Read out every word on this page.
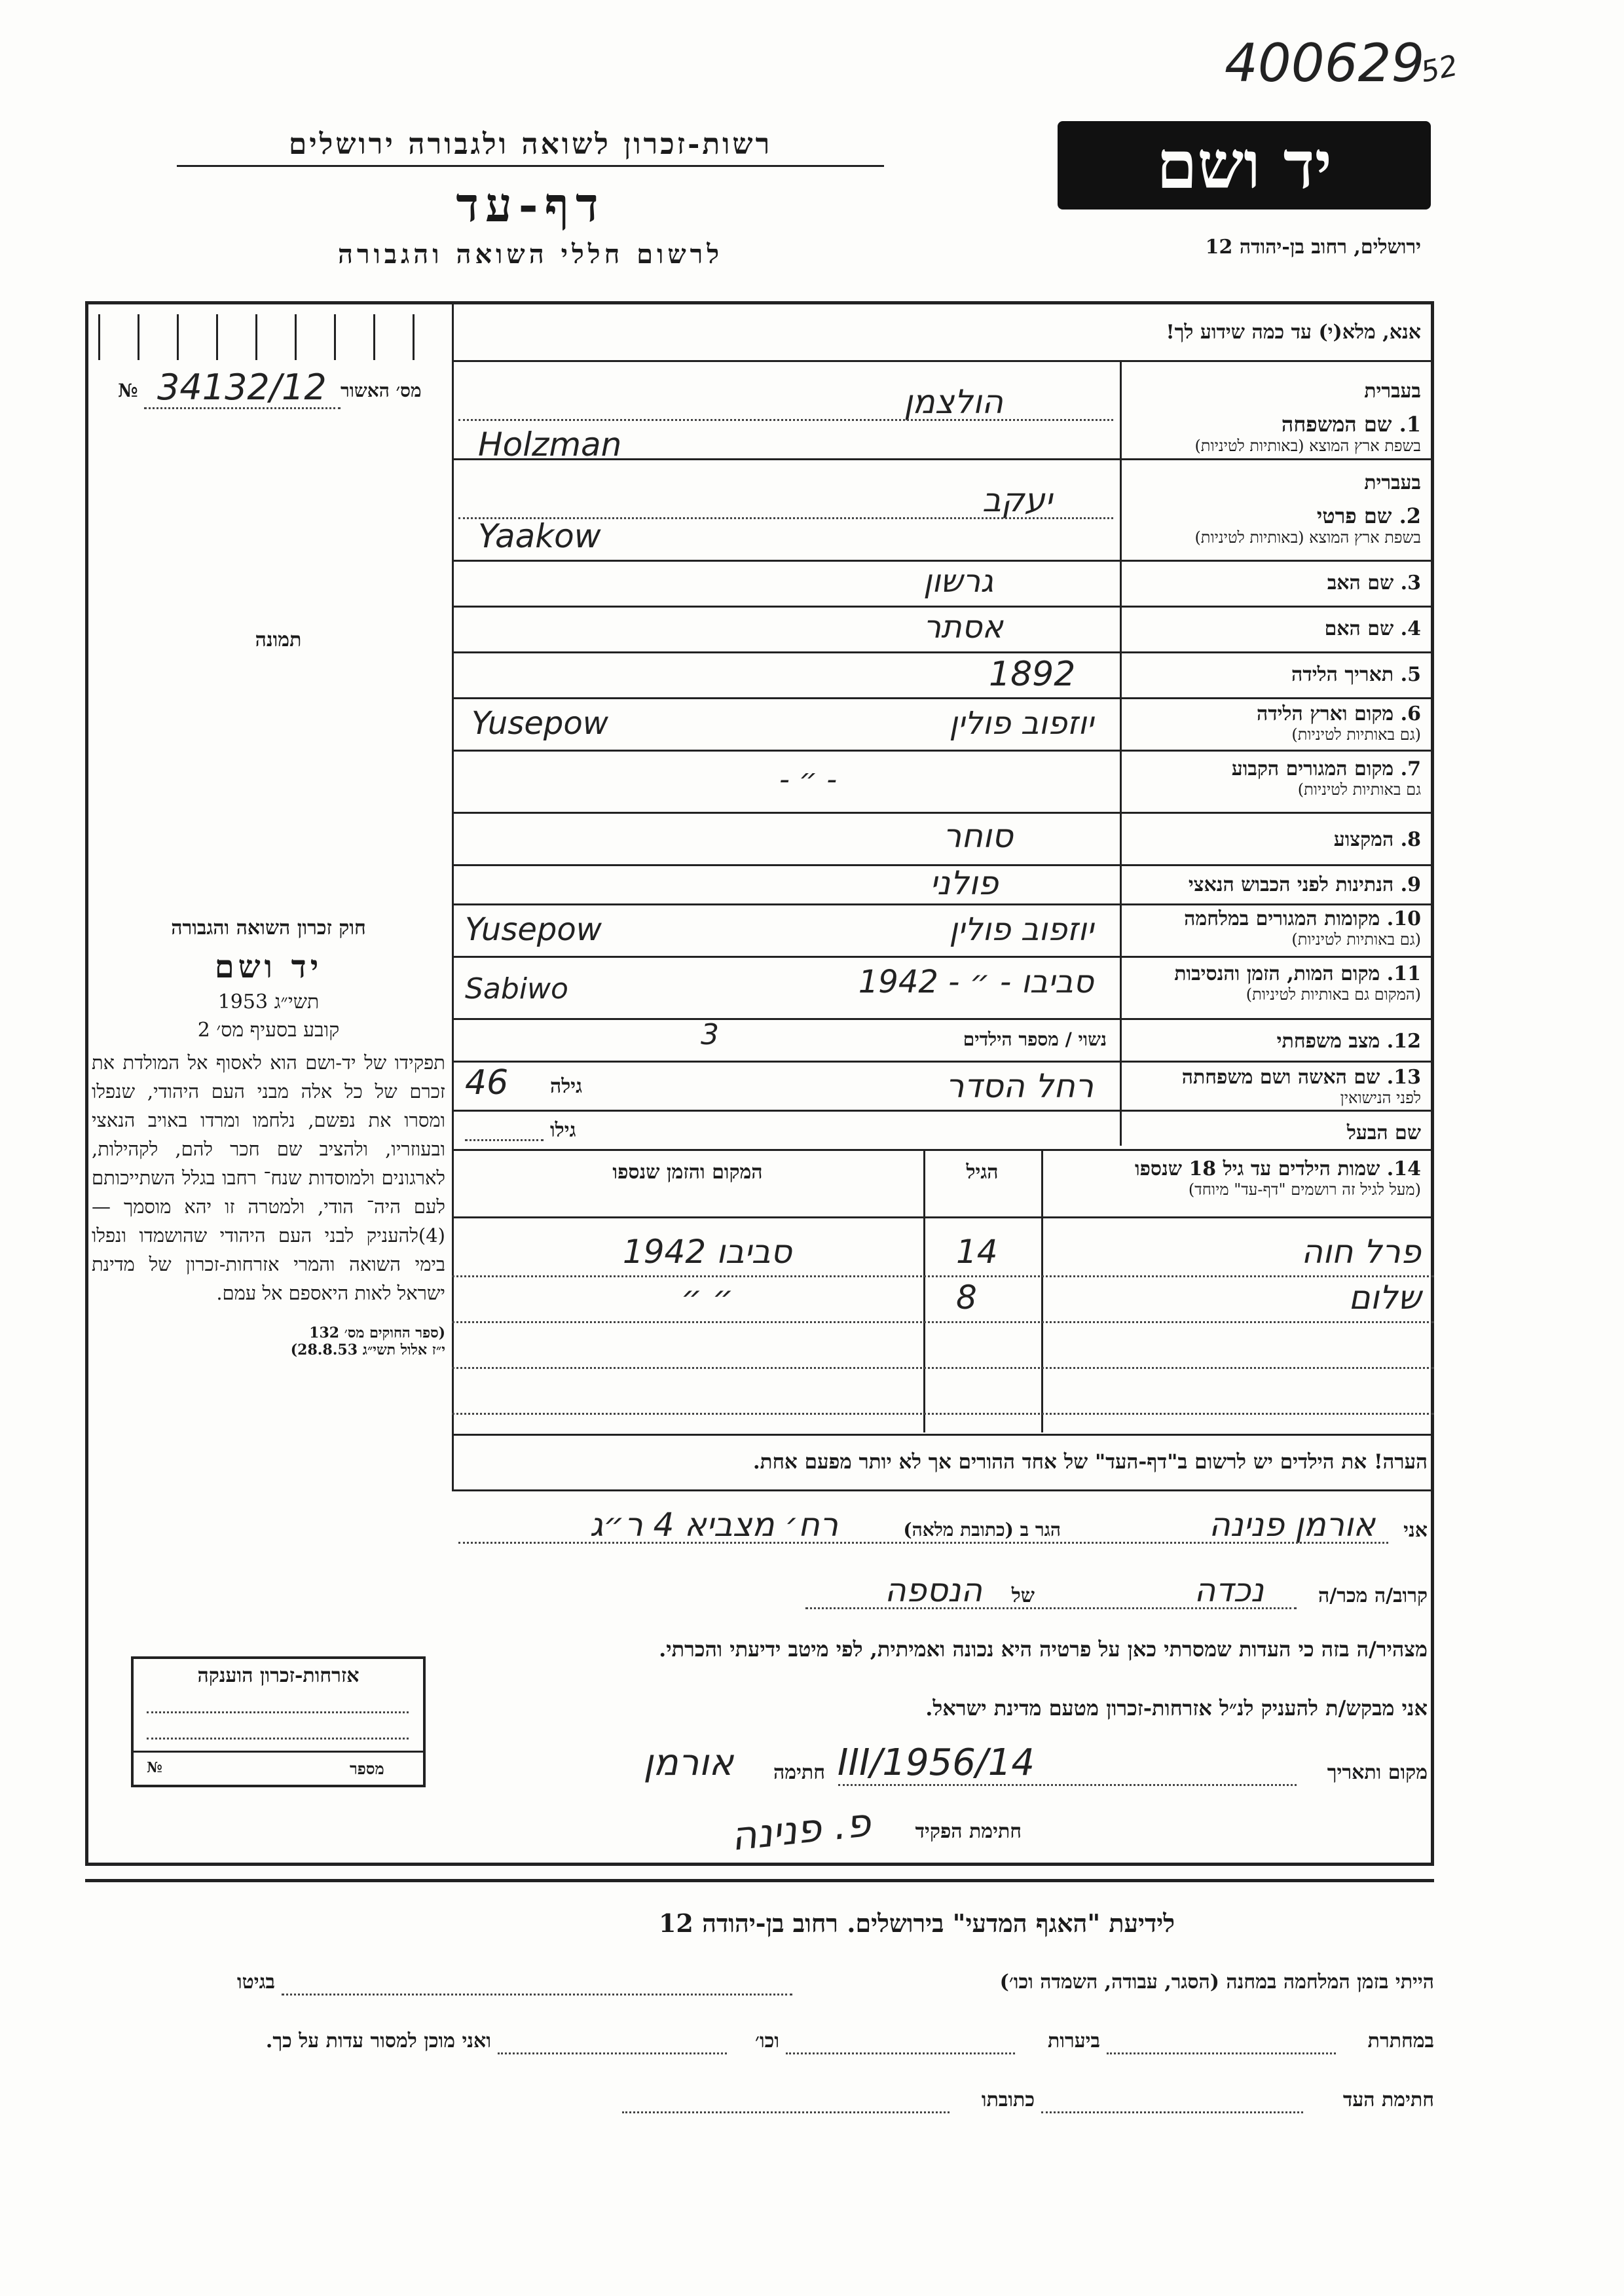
400629
52
יד ושם
ירושלים, רחוב בן-יהודה 12
רשות-זכרון לשואה ולגבורה ירושלים
דף-עד
לרשום חללי השואה והגבורה
אנא, מלא(י) עד כמה שידוע לך!
№ 34132/12 מס׳ האשור
תמונה
בעברית
1. שם המשפחה
בשפת ארץ המוצא (באותיות לטיניות)
הולצמן
Holzman
בעברית
2. שם פרטי
בשפת ארץ המוצא (באותיות לטיניות)
יעקב
Yaakow
3. שם האב
גרשון
4. שם האם
אסתר
5. תאריך הלידה
1892
6. מקום וארץ הלידה
(גם באותיות לטיניות)
יוזפוב פולין
Yusepow
7. מקום המגורים הקבוע
גם באותיות לטיניות)
- ״ -
8. המקצוע
סוחר
9. הנתינות לפני הכבוש הנאצי
פולני
10. מקומות המגורים במלחמה
(גם באותיות לטיניות)
יוזפוב פולין
Yusepow
11. מקום המות, הזמן והנסיבות
(המקום גם באותיות לטיניות)
סביבו - ״ - 1942
Sabiwo
12. מצב משפחתי
נשוי / מספר הילדים
3
13. שם האשה ושם משפחתה
לפני הנישואין
רחל הסדר
גילה
46
שם הבעל
גילו
14. שמות הילדים עד גיל 18 שנספו
(מעל לגיל זה רושמים "דף-עד" מיוחד)
הגיל
המקום והזמן שנספו
פרל חוה
14
סביבו 1942
שלום
8
״ ״
חוק זכרון השואה והגבורה
יד ושם
תשי״ג 1953
קובע בסעיף מס׳ 2
תפקידו של יד-ושם הוא לאסוף אל המולדת את זכרם של כל אלה מבני העם היהודי, שנפלו ומסרו את נפשם, נלחמו ומרדו באויב הנאצי ובעוזריו, ולהציב שם חכר להם, לקהילות, לארגונים ולמוסדות שנח־ רחבו בגלל השתייכותם לעם היה־ הודי, ולמטרה זו יהא מוסמך — (4)להעניק לבני העם היהודי שהושמדו ונפלו בימי השואה והמרי אזרחות-זכרון של מדינת ישראל לאות היאספם אל עמם.
(ספר החוקים מס׳ 132
י״ז אלול תשי״ג 28.8.53)
הערה! את הילדים יש לרשום ב"דף-העד" של אחד ההורים אך לא יותר מפעם אחת.
אני
אורמן פנינה
הגר ב (כתובת מלאה)
רח׳ מצביא 4 ר״ג
קרוב/ה מכר/ה
נכדה
של
הנספה
מצהיר/ה בזה כי העדות שמסרתי כאן על פרטיה היא נכונה ואמיתית, לפי מיטב ידיעתי והכרתי.
אני מבקש/ת להעניק לנ״ל אזרחות-זכרון מטעם מדינת ישראל.
מקום ותאריך
14/III/1956
חתימה
אורמן
חתימת הפקיד
פ. פנינה
אזרחות-זכרון הוענקה
№	מספר
לידיעת "האגף המדעי" בירושלים. רחוב בן-יהודה 12
הייתי בזמן המלחמה במחנה (הסגר, עבודה, השמדה וכו׳)
בגיטו
במחתרת
ביערות
וכו׳
ואני מוכן למסור עדות על כך.
חתימת העד
כתובתו
